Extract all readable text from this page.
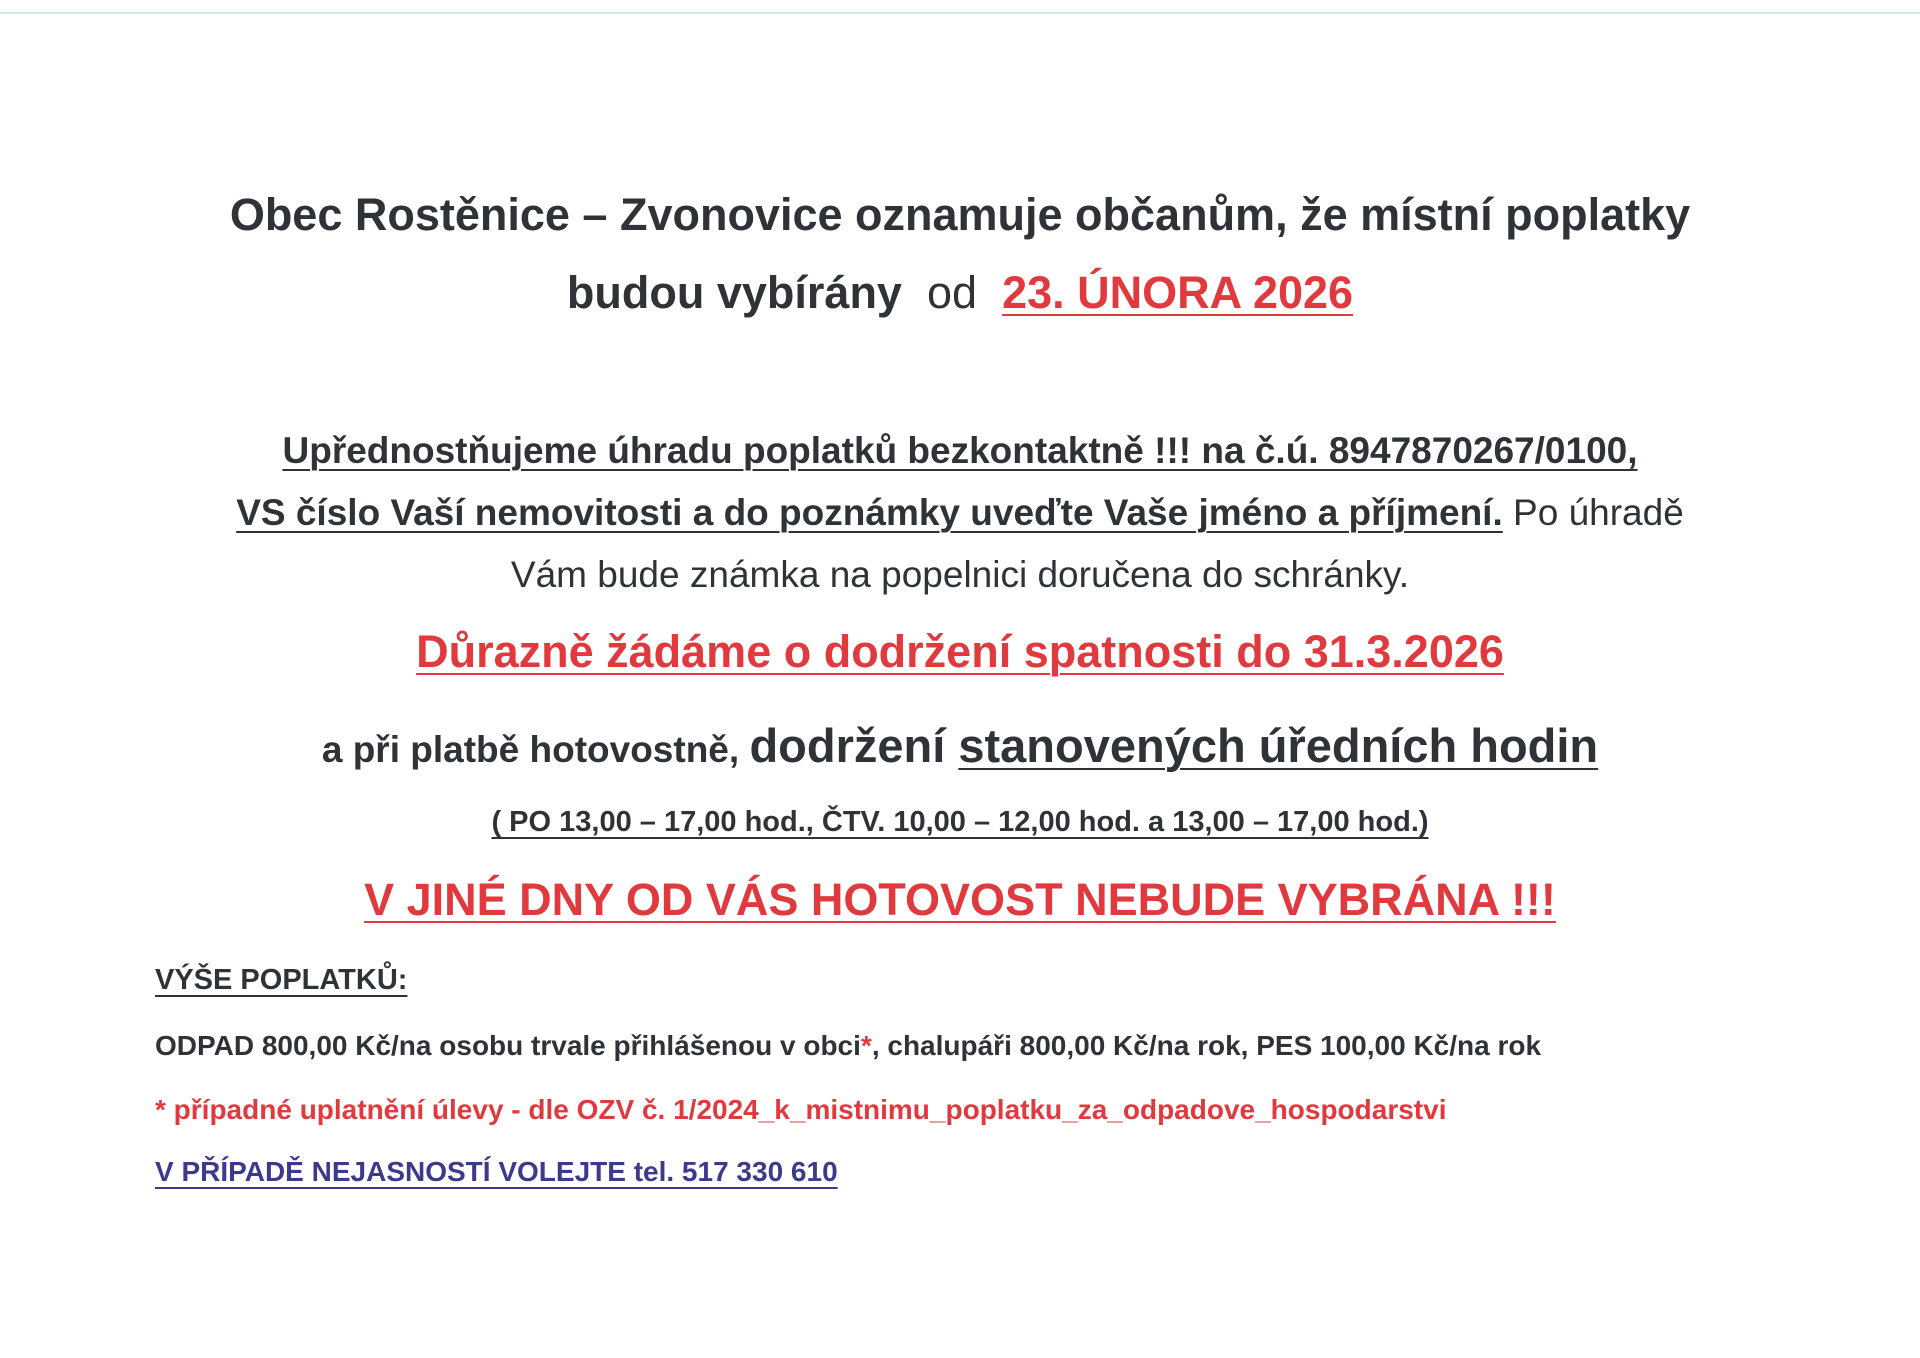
Obec Rostěnice – Zvonovice oznamuje občanům, že místní poplatky
budou vybírány od 23. ÚNORA 2026
Upřednostňujeme úhradu poplatků bezkontaktně !!! na č.ú. 8947870267/0100,
VS číslo Vaší nemovitosti a do poznámky uveďte Vaše jméno a příjmení. Po úhradě
Vám bude známka na popelnici doručena do schránky.
Důrazně žádáme o dodržení spatnosti do 31.3.2026
a při platbě hotovostně, dodržení stanovených úředních hodin
( PO 13,00 – 17,00 hod., ČTV. 10,00 – 12,00 hod. a 13,00 – 17,00 hod.)
V JINÉ DNY OD VÁS HOTOVOST NEBUDE VYBRÁNA !!!
VÝŠE POPLATKŮ:
ODPAD 800,00 Kč/na osobu trvale přihlášenou v obci*, chalupáři 800,00 Kč/na rok, PES 100,00 Kč/na rok
* případné uplatnění úlevy - dle OZV č. 1/2024_k_mistnimu_poplatku_za_odpadove_hospodarstvi
V PŘÍPADĚ NEJASNOSTÍ VOLEJTE tel. 517 330 610
